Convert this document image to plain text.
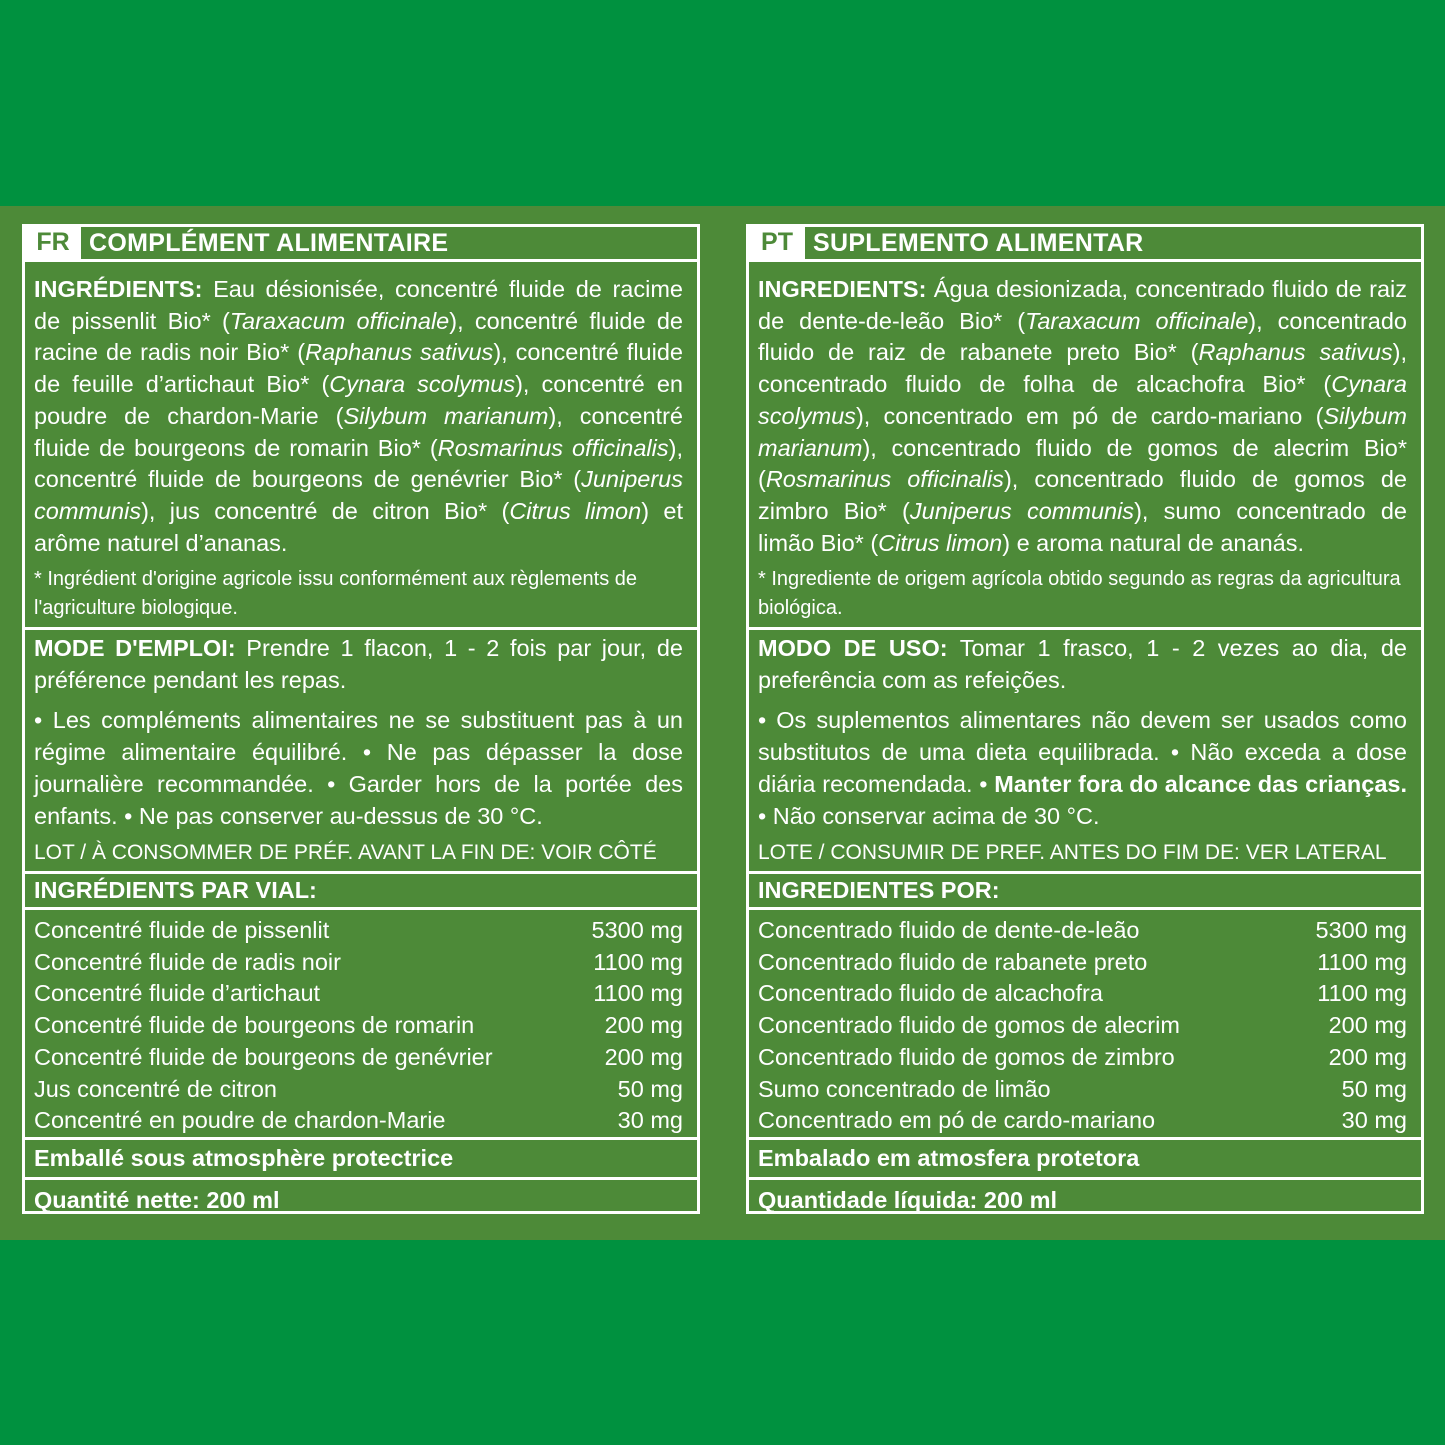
FR COMPLÉMENT ALIMENTAIRE

INGRÉDIENTS: Eau désionisée, concentré fluide de racime de pissenlit Bio* (Taraxacum officinale), concentré fluide de racine de radis noir Bio* (Raphanus sativus), concentré fluide de feuille d’artichaut Bio* (Cynara scolymus), concentré en poudre de chardon-Marie (Silybum marianum), concentré fluide de bourgeons de romarin Bio* (Rosmarinus officinalis), concentré fluide de bourgeons de genévrier Bio* (Juniperus communis), jus concentré de citron Bio* (Citrus limon) et arôme naturel d’ananas.

* Ingrédient d'origine agricole issu conformément aux règlements de l'agriculture biologique.

MODE D'EMPLOI: Prendre 1 flacon, 1 - 2 fois par jour, de préférence pendant les repas.

• Les compléments alimentaires ne se substituent pas à un régime alimentaire équilibré. • Ne pas dépasser la dose journalière recommandée. • Garder hors de la portée des enfants. • Ne pas conserver au-dessus de 30 °C.

LOT / À CONSOMMER DE PRÉF. AVANT LA FIN DE: VOIR CÔTÉ
INGRÉDIENTS PAR VIAL:
Concentré fluide de pissenlit	5300 mg
Concentré fluide de radis noir	1100 mg
Concentré fluide d’artichaut	1100 mg
Concentré fluide de bourgeons de romarin	200 mg
Concentré fluide de bourgeons de genévrier	200 mg
Jus concentré de citron	50 mg
Concentré en poudre de chardon-Marie	30 mg
Emballé sous atmosphère protectrice
Quantité nette: 200 ml
PT SUPLEMENTO ALIMENTAR

INGREDIENTS: Água desionizada, concentrado fluido de raiz de dente-de-leão Bio* (Taraxacum officinale), concentrado fluido de raiz de rabanete preto Bio* (Raphanus sativus), concentrado fluido de folha de alcachofra Bio* (Cynara scolymus), concentrado em pó de cardo-mariano (Silybum marianum), concentrado fluido de gomos de alecrim Bio* (Rosmarinus officinalis), concentrado fluido de gomos de zimbro Bio* (Juniperus communis), sumo concentrado de limão Bio* (Citrus limon) e aroma natural de ananás.

* Ingrediente de origem agrícola obtido segundo as regras da agricultura biológica.

MODO DE USO: Tomar 1 frasco, 1 - 2 vezes ao dia, de preferência com as refeições.

• Os suplementos alimentares não devem ser usados como substitutos de uma dieta equilibrada. • Não exceda a dose diária recomendada. • Manter fora do alcance das crianças. • Não conservar acima de 30 °C.

LOTE / CONSUMIR DE PREF. ANTES DO FIM DE: VER LATERAL
INGREDIENTES POR:
Concentrado fluido de dente-de-leão	5300 mg
Concentrado fluido de rabanete preto	1100 mg
Concentrado fluido de alcachofra	1100 mg
Concentrado fluido de gomos de alecrim	200 mg
Concentrado fluido de gomos de zimbro	200 mg
Sumo concentrado de limão	50 mg
Concentrado em pó de cardo-mariano	30 mg
Embalado em atmosfera protetora
Quantidade líquida: 200 ml
